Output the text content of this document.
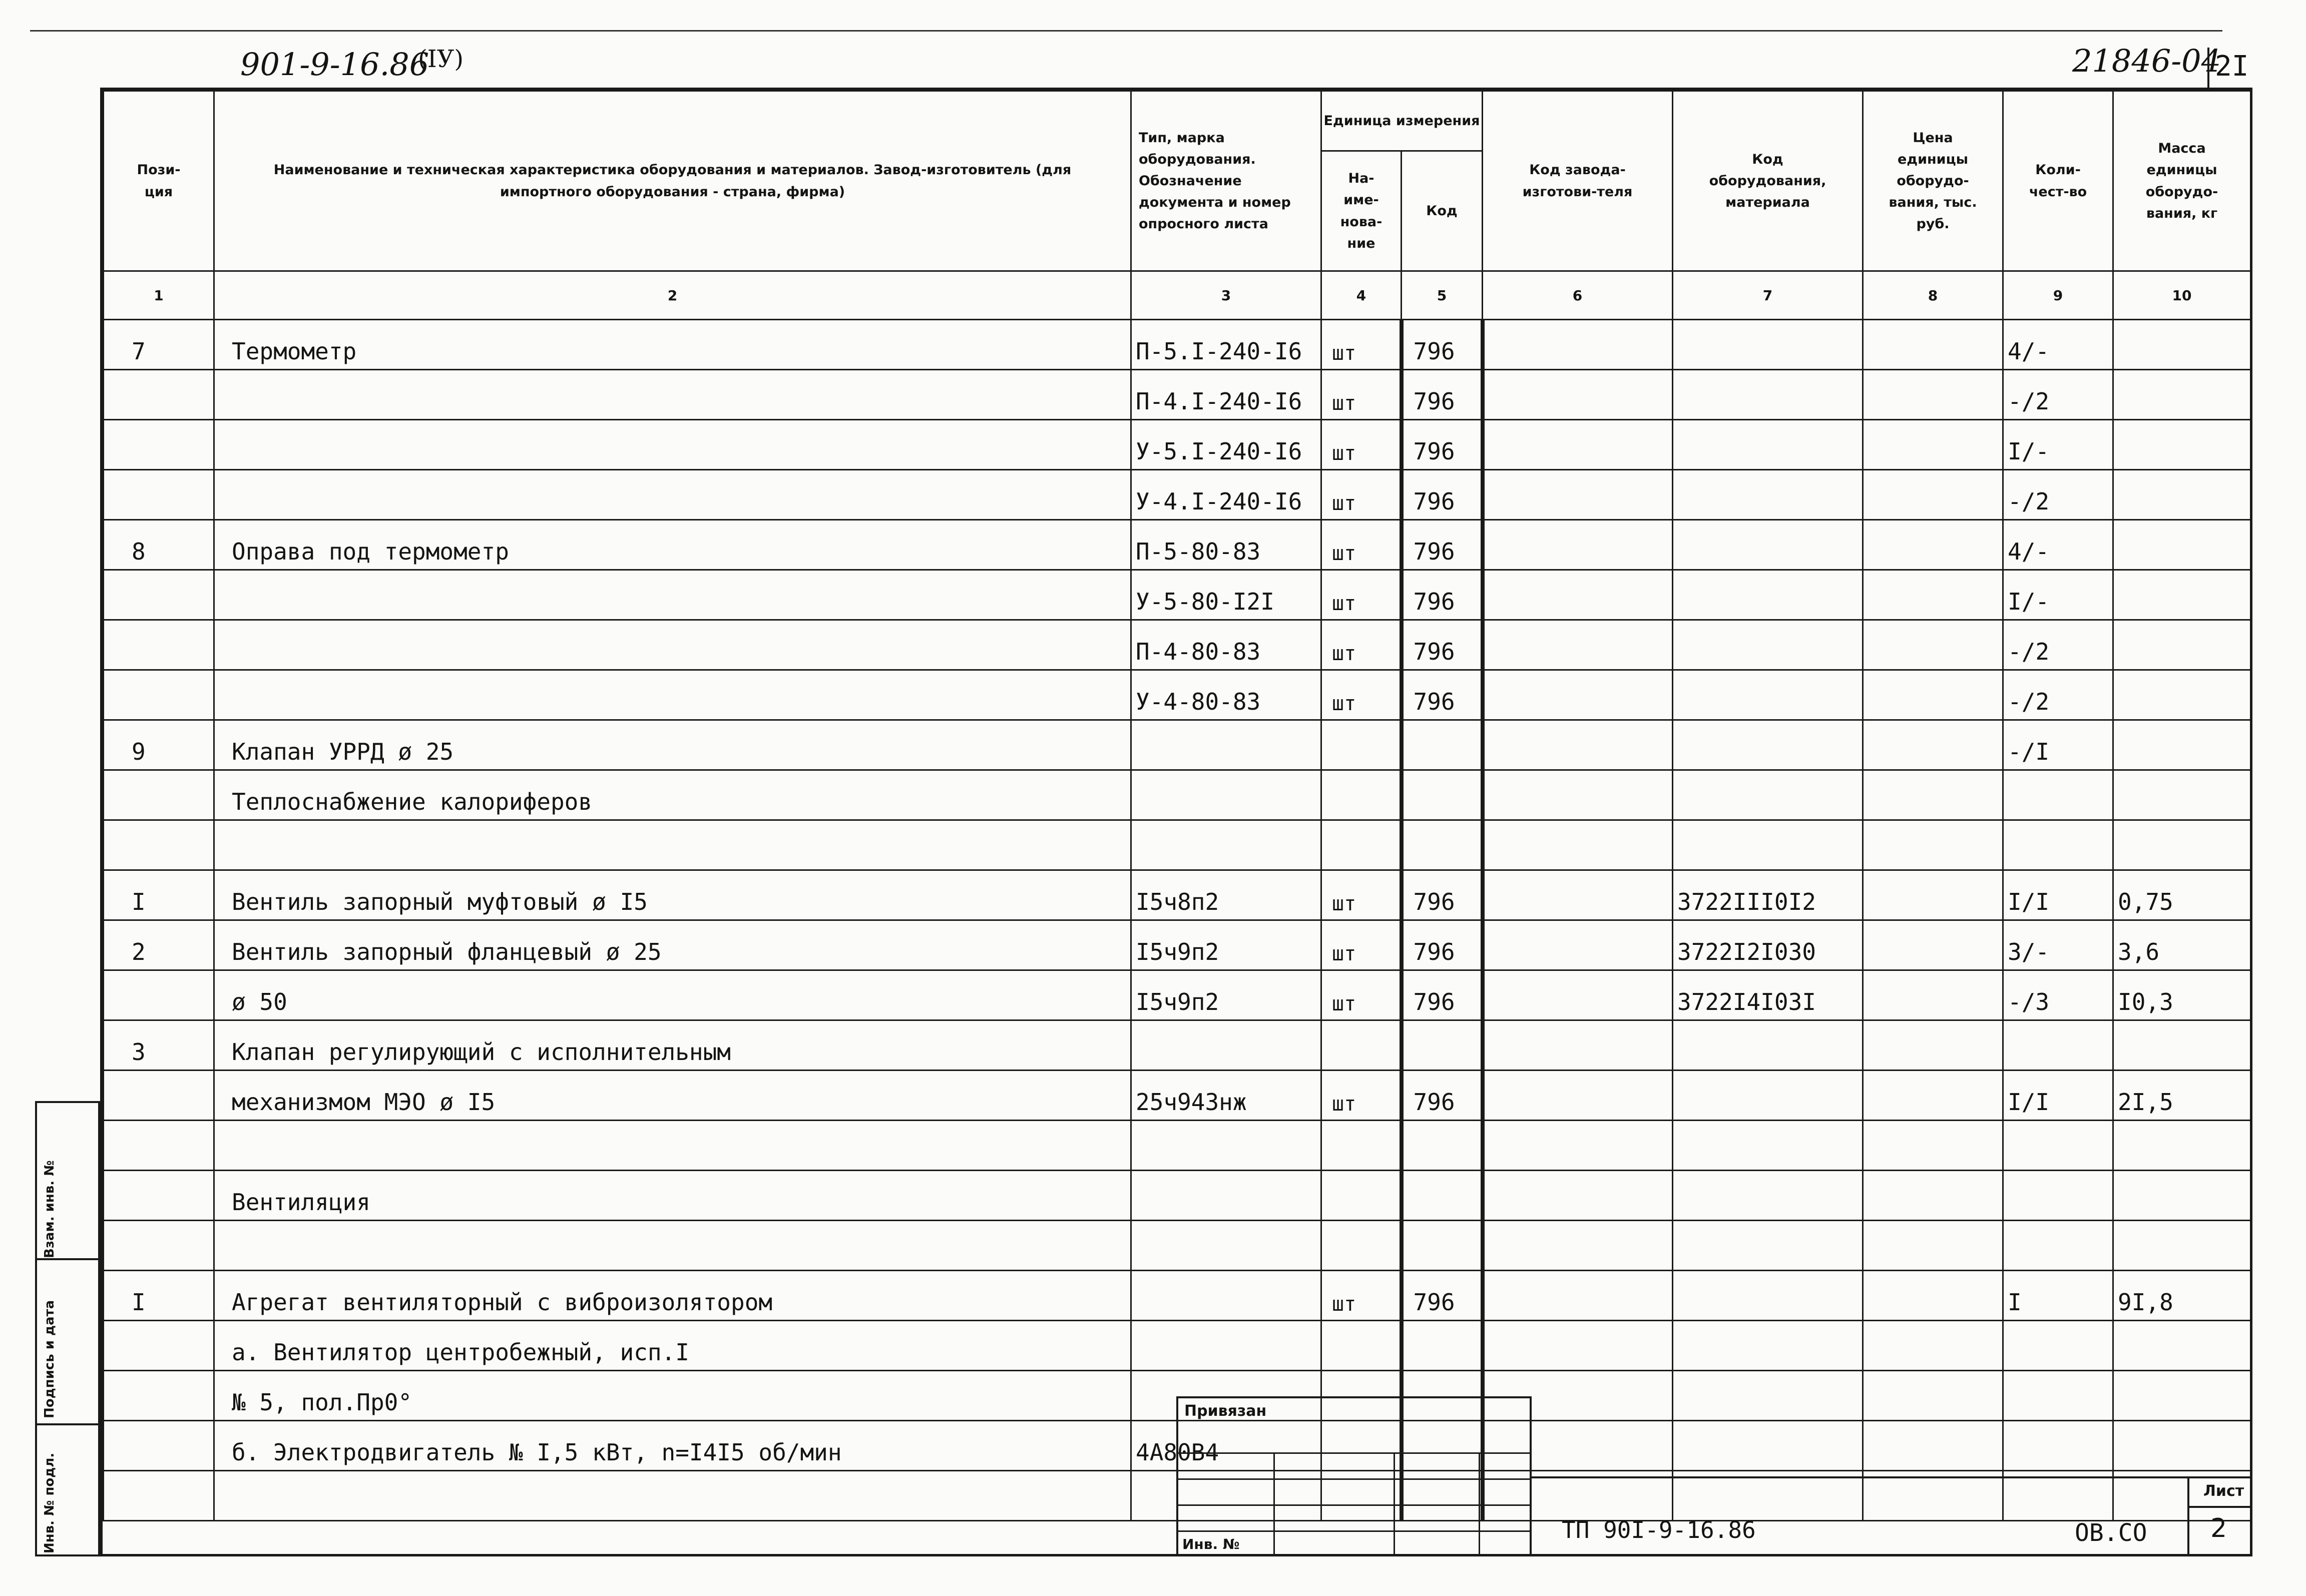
901-9-16.86
(IУ)	21846-04
2I
Пози-ция	Наименование и техническая характеристика оборудования и материалов. Завод-изготовитель (для импортного оборудования - страна, фирма)	Тип, марка оборудования. Обозначение документа и номер опросного листа	Единица измерения		Код завода-изготови-теля	Код оборудования, материала	Цена единицы оборудо-вания, тыс. руб.	Коли-чест-во	Масса единицы оборудо-вания, кг
			На-име-нова-ние	Код					
1	2	3	4	5	6	7	8	9	10
7	Термометр	П-5.I-240-I6	шт	796				4/-	
		П-4.I-240-I6	шт	796				-/2	
		У-5.I-240-I6	шт	796				I/-	
		У-4.I-240-I6	шт	796				-/2	
8	Оправа под термометр	П-5-80-83	шт	796				4/-	
		У-5-80-I2I	шт	796				I/-	
		П-4-80-83	шт	796				-/2	
		У-4-80-83	шт	796				-/2	
9	Клапан УРРД ø 25							-/I	
	Теплоснабжение калориферов								

I	Вентиль запорный муфтовый ø I5	I5ч8п2	шт	796		3722III0I2		I/I	0,75
2	Вентиль запорный фланцевый ø 25	I5ч9п2	шт	796		3722I2I030		3/-	3,6
	ø 50	I5ч9п2	шт	796		3722I4I03I		-/3	I0,3
3	Клапан регулирующий с исполнительным								
	механизмом МЭО ø I5	25ч943нж	шт	796				I/I	2I,5

	Вентиляция								

I	Агрегат вентиляторный с виброизолятором		шт	796				I	9I,8
	а. Вентилятор центробежный, исп.I								
	№ 5, пол.Пр0°								
	б. Электродвигатель № I,5 кВт, n=I4I5 об/мин	4А80В4							

Взам. инв. №
Подпись и дата
Инв. № подл.
Привязан
Инв. №
ТП 90I-9-16.86	ОВ.СО
Лист
2
